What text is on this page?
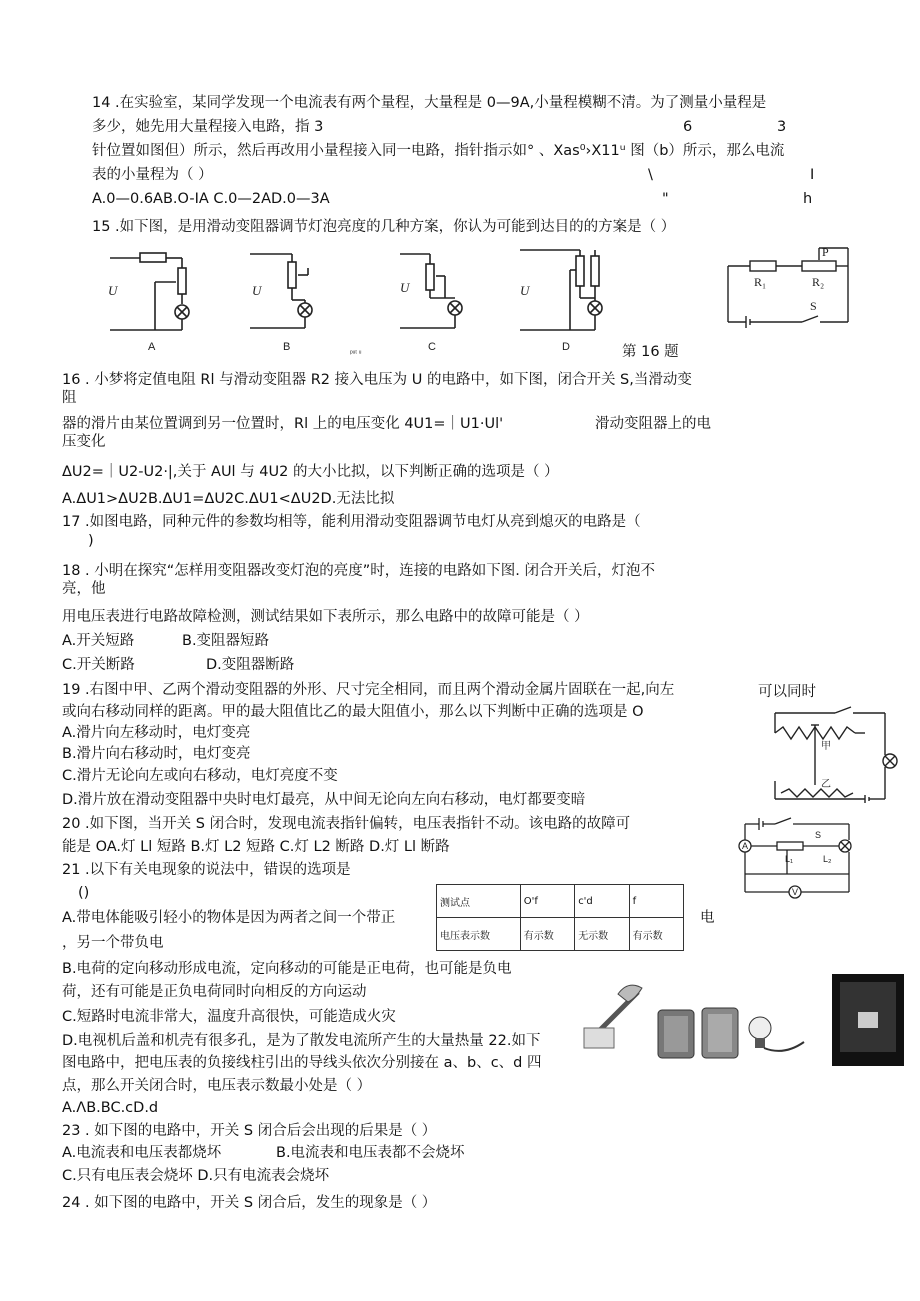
14 .在实验室，某同学发现一个电流表有两个量程，大量程是 0—9A,小量程模糊不清。为了测量小量程是
多少，她先用大量程接入电路，指 3	6	3
针位置如图但）所示，然后再改用小量程接入同一电路，指针指示如° 、Xas⁰›X11ᵘ 图（b）所示，那么电流
表的小量程为（ ）	\	I
A.0—0.6AB.O-IA C.0—2AD.0—3A	"	h
15 .如下图，是用滑动变阻器调节灯泡亮度的几种方案，你认为可能到达目的的方案是（ ）
U	U	U	U
A	B	C	D
ᵖᵘᵗ ᵘ
R₁	R₂
P
S
第 16 题
16 . 小梦将定值电阻 Rl 与滑动变阻器 R2 接入电压为 U 的电路中，如下图，闭合开关 S,当滑动变
阻
器的滑片由某位置调到另一位置时，Rl 上的电压变化 4U1=｜U1·Ul'	滑动变阻器上的电
压变化
ΔU2=｜U2-U2·|,关于 AUl 与 4U2 的大小比拟，以下判断正确的选项是（ ）
A.ΔU1>ΔU2B.ΔU1=ΔU2C.ΔU1<ΔU2D.无法比拟
17 .如图电路，同种元件的参数均相等，能利用滑动变阻器调节电灯从亮到熄灭的电路是（
)
18 . 小明在探究“怎样用变阻器改变灯泡的亮度”时，连接的电路如下图. 闭合开关后，灯泡不
亮，他
用电压表进行电路故障检测，测试结果如下表所示，那么电路中的故障可能是（ ）
A.开关短路	B.变阻器短路
C.开关断路	D.变阻器断路
19 .右图中甲、乙两个滑动变阻器的外形、尺寸完全相同，而且两个滑动金属片固联在一起,向左	可以同时
或向右移动同样的距离。甲的最大阻值比乙的最大阻值小，那么以下判断中正确的选项是 O
A.滑片向左移动时，电灯变亮
B.滑片向右移动时，电灯变亮
C.滑片无论向左或向右移动，电灯亮度不变
D.滑片放在滑动变阻器中央时电灯最亮，从中间无论向左向右移动，电灯都要变暗
甲
乙
20 .如下图，当开关 S 闭合时，发现电流表指针偏转，电压表指针不动。该电路的故障可
能是 OA.灯 Ll 短路 B.灯 L2 短路 C.灯 L2 断路 D.灯 Ll 断路	A
V
S
L₁	L₂
21 .以下有关电现象的说法中，错误的选项是
()
A.带电体能吸引轻小的物体是因为两者之间一个带正	电
，另一个带负电
B.电荷的定向移动形成电流，定向移动的可能是正电荷，也可能是负电
荷，还有可能是正负电荷同时向相反的方向运动
C.短路时电流非常大，温度升高很快，可能造成火灾
D.电视机后盖和机壳有很多孔，是为了散发电流所产生的大量热量 22.如下
图电路中，把电压表的负接线柱引出的导线头依次分别接在 a、b、c、d 四
点，那么开关闭合时，电压表示数最小处是（ ）
A.ΛB.BC.cD.d
测试点	O'f	c'd	f
电压表示数	有示数	无示数	有示数
23 . 如下图的电路中，开关 S 闭合后会出现的后果是（ ）
A.电流表和电压表都烧坏	B.电流表和电压表都不会烧坏
C.只有电压表会烧坏 D.只有电流表会烧坏
24 . 如下图的电路中，开关 S 闭合后，发生的现象是（ ）
